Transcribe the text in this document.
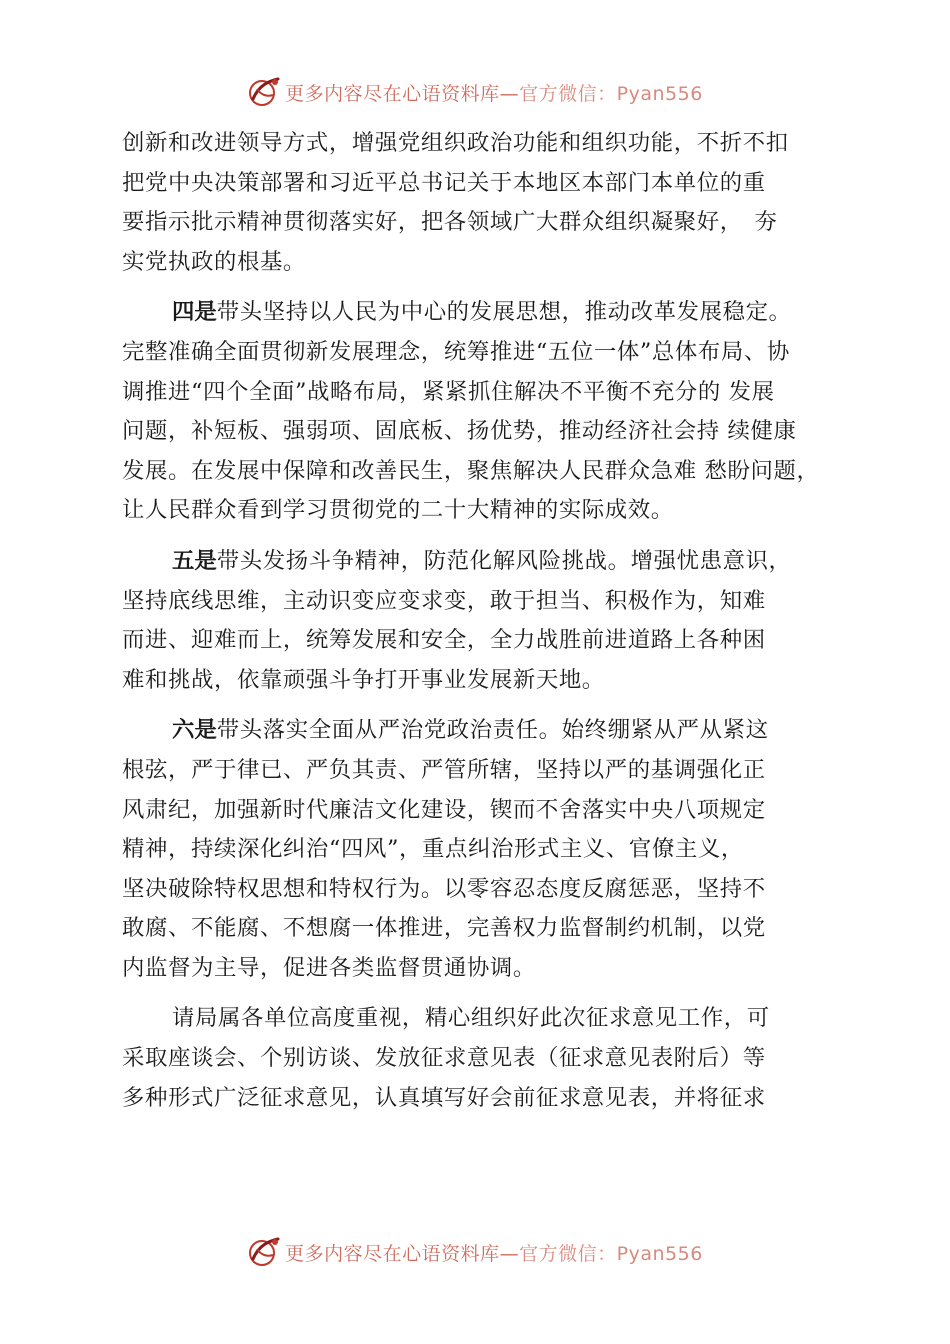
更多内容尽在心语资料库—官方微信：Pyan556
创新和改进领导方式，增强党组织政治功能和组织功能，不折不扣
把党中央决策部署和习近平总书记关于本地区本部门本单位的重
要指示批示精神贯彻落实好，把各领域广大群众组织凝聚好，　夯
实党执政的根基。
四是带头坚持以人民为中心的发展思想，推动改革发展稳定。
完整准确全面贯彻新发展理念，统筹推进“五位一体”总体布局、协
调推进“四个全面”战略布局，紧紧抓住解决不平衡不充分的 发展
问题，补短板、强弱项、固底板、扬优势，推动经济社会持 续健康
发展。在发展中保障和改善民生，聚焦解决人民群众急难 愁盼问题，
让人民群众看到学习贯彻党的二十大精神的实际成效。
五是带头发扬斗争精神，防范化解风险挑战。增强忧患意识，
坚持底线思维，主动识变应变求变，敢于担当、积极作为，知难
而进、迎难而上，统筹发展和安全，全力战胜前进道路上各种困
难和挑战，依靠顽强斗争打开事业发展新天地。
六是带头落实全面从严治党政治责任。始终绷紧从严从紧这
根弦，严于律已、严负其责、严管所辖，坚持以严的基调强化正
风肃纪，加强新时代廉洁文化建设，锲而不舍落实中央八项规定
精神，持续深化纠治“四风”，重点纠治形式主义、官僚主义，
坚决破除特权思想和特权行为。以零容忍态度反腐惩恶，坚持不
敢腐、不能腐、不想腐一体推进，完善权力监督制约机制，以党
内监督为主导，促进各类监督贯通协调。
请局属各单位高度重视，精心组织好此次征求意见工作，可
采取座谈会、个别访谈、发放征求意见表（征求意见表附后）等
多种形式广泛征求意见，认真填写好会前征求意见表，并将征求
更多内容尽在心语资料库—官方微信：Pyan556
